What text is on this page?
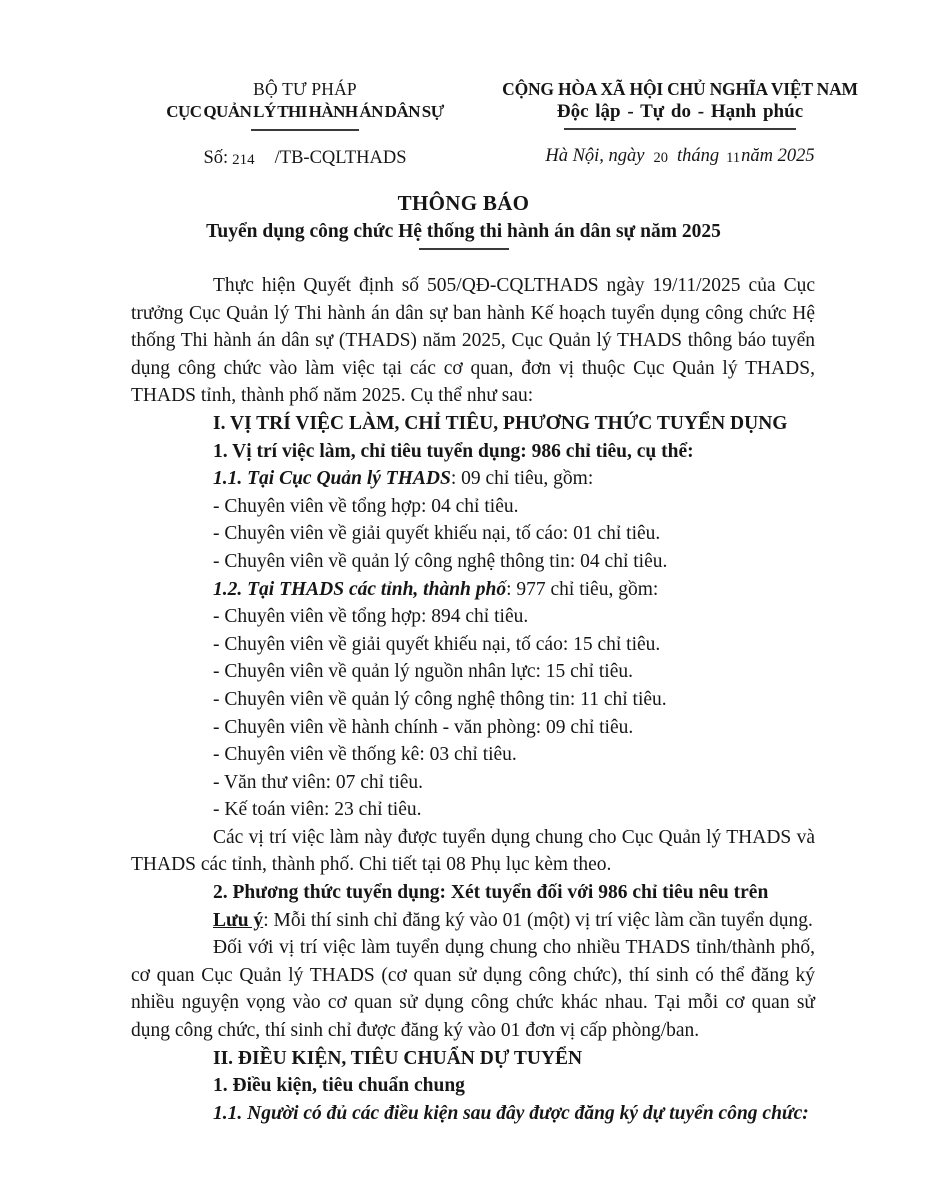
BỘ TƯ PHÁP
CỤC QUẢN LÝ THI HÀNH ÁN DÂN SỰ
Số: 214 /TB-CQLTHADS
CỘNG HÒA XÃ HỘI CHỦ NGHĨA VIỆT NAM
Độc lập - Tự do - Hạnh phúc
Hà Nội, ngày 20 tháng 11năm 2025
THÔNG BÁO
Tuyển dụng công chức Hệ thống thi hành án dân sự năm 2025

Thực hiện Quyết định số 505/QĐ-CQLTHADS ngày 19/11/2025 của Cục trưởng Cục Quản lý Thi hành án dân sự ban hành Kế hoạch tuyển dụng công chức Hệ thống Thi hành án dân sự (THADS) năm 2025, Cục Quản lý THADS thông báo tuyển dụng công chức vào làm việc tại các cơ quan, đơn vị thuộc Cục Quản lý THADS, THADS tỉnh, thành phố năm 2025. Cụ thể như sau:

I. VỊ TRÍ VIỆC LÀM, CHỈ TIÊU, PHƯƠNG THỨC TUYỂN DỤNG

1. Vị trí việc làm, chỉ tiêu tuyển dụng: 986 chỉ tiêu, cụ thể:

1.1. Tại Cục Quản lý THADS: 09 chỉ tiêu, gồm:

- Chuyên viên về tổng hợp: 04 chỉ tiêu.

- Chuyên viên về giải quyết khiếu nại, tố cáo: 01 chỉ tiêu.

- Chuyên viên về quản lý công nghệ thông tin: 04 chỉ tiêu.

1.2. Tại THADS các tỉnh, thành phố: 977 chỉ tiêu, gồm:

- Chuyên viên về tổng hợp: 894 chỉ tiêu.

- Chuyên viên về giải quyết khiếu nại, tố cáo: 15 chỉ tiêu.

- Chuyên viên về quản lý nguồn nhân lực: 15 chỉ tiêu.

- Chuyên viên về quản lý công nghệ thông tin: 11 chỉ tiêu.

- Chuyên viên về hành chính - văn phòng: 09 chỉ tiêu.

- Chuyên viên về thống kê: 03 chỉ tiêu.

- Văn thư viên: 07 chỉ tiêu.

- Kế toán viên: 23 chỉ tiêu.

Các vị trí việc làm này được tuyển dụng chung cho Cục Quản lý THADS và THADS các tỉnh, thành phố. Chi tiết tại 08 Phụ lục kèm theo.

2. Phương thức tuyển dụng: Xét tuyển đối với 986 chỉ tiêu nêu trên

Lưu ý: Mỗi thí sinh chỉ đăng ký vào 01 (một) vị trí việc làm cần tuyển dụng.

Đối với vị trí việc làm tuyển dụng chung cho nhiều THADS tỉnh/thành phố, cơ quan Cục Quản lý THADS (cơ quan sử dụng công chức), thí sinh có thể đăng ký nhiều nguyện vọng vào cơ quan sử dụng công chức khác nhau. Tại mỗi cơ quan sử dụng công chức, thí sinh chỉ được đăng ký vào 01 đơn vị cấp phòng/ban.

II. ĐIỀU KIỆN, TIÊU CHUẨN DỰ TUYỂN

1. Điều kiện, tiêu chuẩn chung

1.1. Người có đủ các điều kiện sau đây được đăng ký dự tuyển công chức:
